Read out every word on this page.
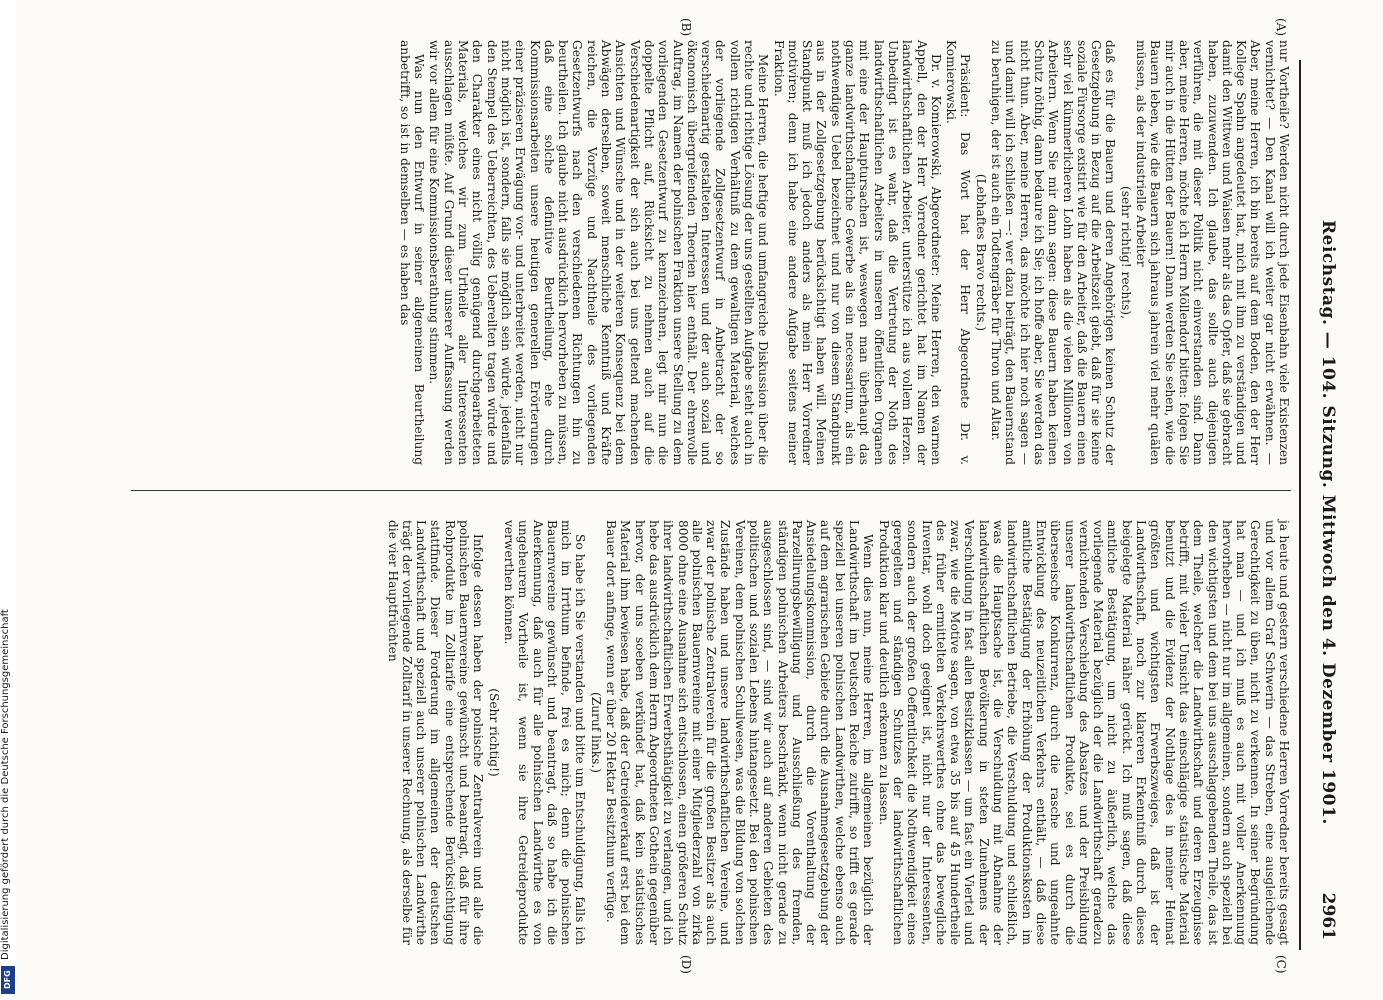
Reichstag. — 104. Sitzung. Mittwoch den 4. Dezember 1901.
2961
(A)
(B)
(C)
(D)

nur Vortheile? Werden nicht durch jede Eisenbahn viele Existenzen vernichtet? — Den Kanal will ich weiter gar nicht erwähnen. — Aber, meine Herren, ich bin bereits auf dem Boden, den der Herr Kollege Spahn angedeutet hat, mich mit ihm zu verständigen und damit den Wittwen und Waisen mehr als das Opfer, daß sie gebracht haben, zuzuwenden. Ich glaube, das sollte auch diejenigen verführen, die mit dieser Politik nicht einverstanden sind. Dann aber, meine Herren, möchte ich Herrn Möllendorf bitten: folgen Sie mir auch in die Hütten der Bauern! Dann werden Sie sehen, wie die Bauern leben, wie die Bauern sich jahraus jahrein viel mehr quälen müssen, als der industrielle Arbeiter

(sehr richtig! rechts),

daß es für die Bauern und deren Angehörigen keinen Schutz der Gesetzgebung in Bezug auf die Arbeitszeit giebt, daß für sie keine soziale Fürsorge existirt wie für den Arbeiter, daß die Bauern einen sehr viel kümmerlicheren Lohn haben als die vielen Millionen von Arbeitern. Wenn Sie mir dann sagen: diese Bauern haben keinen Schutz nöthig, dann bedaure ich Sie; ich hoffe aber, Sie werden das nicht thun. Aber, meine Herren, das möchte ich hier noch sagen — und damit will ich schließen —: wer dazu beiträgt, den Bauernstand zu beruhigen, der ist auch ein Todtengräber für Thron und Altar.

(Lebhaftes Bravo rechts.)

Präsident: Das Wort hat der Herr Abgeordnete Dr. v. Komierowski.

Dr. v. Komierowski, Abgeordneter: Meine Herren, den warmen Appell, den der Herr Vorredner gerichtet hat im Namen der landwirthschaftlichen Arbeiter, unterstütze ich aus vollem Herzen. Unbedingt ist es wahr, daß die Vertretung der Noth des landwirthschaftlichen Arbeiters in unseren öffentlichen Organen mit eine der Hauptursachen ist, weswegen man überhaupt das ganze landwirthschaftliche Gewerbe als ein necessarium, als ein nothwendiges Uebel bezeichnet und nur von diesem Standpunkt aus in der Zollgesetzgebung berücksichtigt haben will. Meinen Standpunkt muß ich jedoch anders als mein Herr Vorredner motiviren; denn ich habe eine andere Aufgabe seitens meiner Fraktion.

Meine Herren, die heftige und umfangreiche Diskussion über die rechte und richtige Lösung der uns gestellten Aufgabe steht auch in vollem richtigen Verhältniß zu dem gewaltigen Material, welches der vorliegende Zollgesetzentwurf in Anbetracht der so verschiedenartig gestalteten Interessen und der auch sozial und ökonomisch übergreifenden Theorien hier enthält. Der ehrenvolle Auftrag, im Namen der polnischen Fraktion unsere Stellung zu dem vorliegenden Gesetzentwurf zu kennzeichnen, legt mir nun die doppelte Pflicht auf, Rücksicht zu nehmen auch auf die Verschiedenartigkeit der sich auch bei uns geltend machenden Ansichten und Wünsche und in der weiteren Konsequenz bei dem Abwägen derselben, soweit menschliche Kenntniß und Kräfte reichen, die Vorzüge und Nachtheile des vorliegenden Gesetzentwurfs nach den verschiedenen Richtungen hin zu beurtheilen. Ich glaube nicht ausdrücklich hervorheben zu müssen, daß eine solche definitive Beurtheilung, ehe durch Kommissionsarbeiten unsere heutigen generellen Erörterungen einer präziseren Erwägung vor- und unterbreitet werden, nicht nur nicht möglich ist, sondern, falls sie möglich sein würde, jedenfalls den Stempel des Ueberreichten, des Uebereilten tragen würde und den Charakter eines nicht völlig genügend durchgearbeiteten Materials, welches wir zum Urtheile aller Interessenten ausschlagen müßte. Auf Grund dieser unserer Auffassung werden wir vor allem für eine Kommissionsberathung stimmen.

Was nun den Entwurf in seiner allgemeinen Beurtheilung anbetrifft, so ist in demselben — es haben das

ja heute und gestern verschiedene Herren Vorredner bereits gesagt und vor allem Graf Schwerin — das Streben, eine ausgleichende Gerechtigkeit zu üben, nicht zu verkennen. In seiner Begründung hat man — und ich muß es auch mit voller Anerkennung hervorheben — nicht nur im allgemeinen, sondern auch speziell bei den wichtigsten und dem bei uns ausschlaggebenden Theile, das ist dem Theile, welcher die Landwirthschaft und deren Erzeugnisse betrifft, mit vieler Umsicht das einschlägige statistische Material benutzt und die Evidenz der Nothlage des in meiner Heimat größten und wichtigsten Erwerbszweiges, daß ist der Landwirthschaft, noch zur klareren Erkenntniß durch dieses beigelegte Material näher gerückt. Ich muß sagen, daß diese amtliche Bestätigung, um nicht zu äußerlich, welche das vorliegende Material bezüglich der die Landwirthschaft geradezu vernichtenden Verschiebung des Absatzes und der Preisbildung unserer landwirthschaftlichen Produkte, sei es durch die überseeische Konkurrenz, durch die rasche und ungeahnte Entwicklung des neuzeitlichen Verkehrs enthält, — daß diese amtliche Bestätigung der Erhöhung der Produktionskosten im landwirthschaftlichen Betriebe, die Verschuldung und schließlich, was die Hauptsache ist, die Verschuldung mit Abnahme der landwirthschaftlichen Bevölkerung in steten Zunehmens der Verschuldung in fast allen Besitzklassen — um fast ein Viertel und zwar, wie die Motive sagen, von etwa 35 bis auf 45 Hundertheile des früher ermittelten Verkehrswerthes ohne das bewegliche Inventar, wohl doch geeignet ist, nicht nur der Interessenten, sondern auch der großen Oeffentlichkeit die Nothwendigkeit eines geregelten und ständigen Schutzes der landwirthschaftlichen Produktion klar und deutlich erkennen zu lassen.

Wenn dies nun, meine Herren, im allgemeinen bezüglich der Landwirthschaft im Deutschen Reiche zutrifft, so trifft es gerade speziell bei unseren polnischen Landwirthen, welche ebenso auch auf dem agrarischen Gebiete durch die Ausnahmegesetzgebung der Ansiedelungskommission, durch die Vorenthaltung der Parzellirungsbewilligung und Ausschließung des fremden, ständigen polnischen Arbeiters beschränkt, wenn nicht gerade zu ausgeschlossen sind, — sind wir auch auf anderen Gebieten des politischen und sozialen Lebens hintangesetzt. Bei den polnischen Vereinen, dem polnischen Schulwesen, was die Bildung von solchen Zustände haben und unsere landwirthschaftlichen Vereine, und zwar der polnische Zentralverein für die großen Besitzer als auch alle polnischen Bauernvereine mit einer Mitgliederzahl von zirka 8000 ohne eine Ausnahme sich entschlossen, einen größeren Schutz ihrer landwirthschaftlichen Erwerbsthätigkeit zu verlangen, und ich hebe das ausdrücklich dem Herrn Abgeordneten Gothein gegenüber hervor, der uns soeben verkündet hat, daß kein statistisches Material ihm bewiesen habe, daß der Getreideverkauf erst bei dem Bauer dort anfinge, wenn er über 20 Hektar Besitzthum verfüge.

(Zuruf links.)

So habe ich Sie verstanden und bitte um Entschuldigung, falls ich mich im Irrthum befinde, frei es mich; denn die polnischen Bauernvereine gewünscht und beantragt, daß so habe ich die Anerkennung, daß auch für alle polnischen Landwirthe es von ungeheurem Vortheile ist, wenn sie ihre Getreideprodukte verwerthen können.

(Sehr richtig!)

Infolge dessen haben der polnische Zentralverein und alle die polnischen Bauernvereine gewünscht und beantragt, daß für ihre Rohprodukte im Zolltarife eine entsprechende Berücksichtigung stattfinde. Dieser Forderung im allgemeinen der deutschen Landwirthschaft und speziell auch unserer polnischen Landwirthe trägt der vorliegende Zolltarif in unserer Rechnung, als derselbe für die vier Hauptfrüchten

Digitalisierung gefördert durch die Deutsche Forschungsgemeinschaft
DFG
